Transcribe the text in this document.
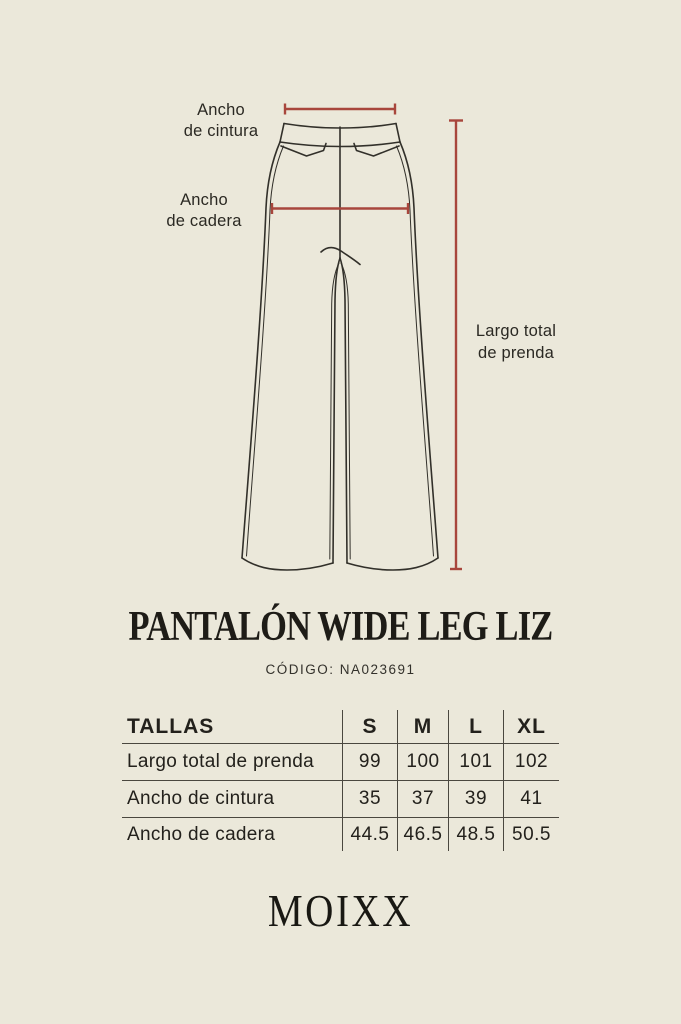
Ancho
de cintura
Ancho
de cadera
Largo total
de prenda
PANTALÓN WIDE LEG LIZ
CÓDIGO: NA023691
TALLAS	S	M	L	XL
Largo total de prenda	99	100	101	102
Ancho de cintura	35	37	39	41
Ancho de cadera	44.5 46.5 48.5 50.5
MOIXX
